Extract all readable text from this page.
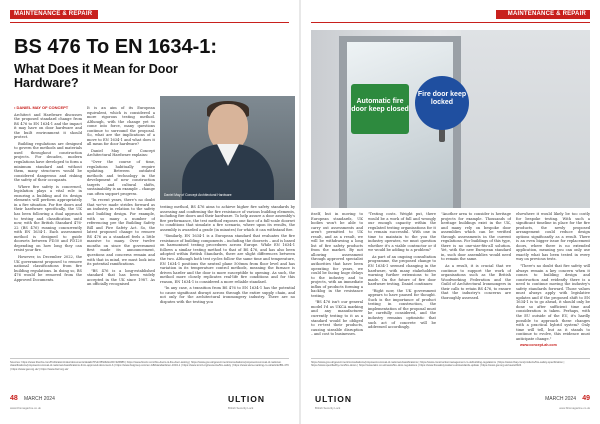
MAINTENANCE & REPAIR
BS 476 To EN 1634-1:
What Does it Mean for Door Hardware?
• DANIEL MAY OF CONCEPT

Architect and Hardware discusses the proposed standard change from BS 476 to EN 1634-1 and the impact it may have on door hardware and the built environment it should protect.

Building regulations are designed to govern the methods and materials used throughout construction projects. For decades, modern regulations have developed to form a minimum standard and without them, many structures would be considered dangerous and risking the safety of their occupants.

Where fire safety is concerned, legislation plays a vital role in ensuring a building and its design elements will perform appropriately in a fire situation. For fire doors and their hardware specifically, the UK has been following a dual approach to testing and classification until now, with the British Standard 476-22 (BS 476) running concurrently with EN 1634-1. Each assessment method is designed to guide doorsets between FD30 and FD120 depending on how long they can resist your fire.

However, in December 2022, the UK government proposed to remove national classifications from fire building regulations. In doing so, BS 476 would be removed from the Approved Documents.

It is an aim of its European equivalent, which is considered a more rigorous testing method. Although, with the change yet to come into force, many questions continue to surround the proposal. So, what are the implications of a move to EN 1634-1 and what does it all mean for door hardware?

Daniel May of Concept Architectural Hardware explains:

"Over the course of time, regulations habitually require updating. Between outdated methods and technology in the development of new construction targets and cultural shifts, sustainability is an example – change can often support progress.

"In recent years, there's no doubt that we've made strides forward as an industry in relation to the safety and building design. For example, with so many a number of referencing pre the Building Safety Bill and Fire Safety Act. So, the latest proposed change to remove BS 476 as a standard feels a little massive to many. Over twelve months on since the government first made its announcement, questions and concerns remain and with that in mind, we must look into its potential ramifications.

"BS 476 is a long-established standard that has been widely accepted in the UK since 1987. As an officially recognised

Daniel May of Concept Architectural Hardware

testing method, BS 476 aims to achieve higher fire safety standards by assessing and confirming the fire resistance of various building elements, including fire doors and their hardware. To help assure a door assembly's fire performance, the test method exposes one face of a full-scale doorset to conditions that simulate a fire scenario, where upon its results, the assembly is awarded a grade (in minutes) for which it can withstand fire.

"Similarly, EN 1634-1 is a European standard that evaluates the fire resistance of building components – including the doorsets – and is based on harmonised testing procedures across Europe. While EN 1634-1 follows a similar testing method to that of BS 476, and has also been adopted within British Standards, there are slight differences between the two. Although both test cycles follow the same time and temperature, EN 1634-1 positions the neutral plane 500mm from floor level and has variation in its temperature control methods, meaning the furnace is driven harder and the door is more susceptible to opening. As such, the method more closely replicates real-life fire conditions and for this reason, EN 1634-1 is considered a more reliable standard.

"In any case, a transition from BS 476 to EN 1634-1 has the potential to cause significant disrupt across through the entire supply chain, and not only for the architectural ironmongery industry. There are no disputes with the testing you

Sources: https://www.thenbs.com/PublicationIndex/documents/details?Pub=BSI&DocID=326886 | https://www.firectc.com/fire-doors-&-fire-door-testing | https://www.gov.uk/government/consultations/proposed-removal-of-national-classifications/proposed-removal-of-national-classifications-from-approved-document-b | https://www.bsigroup.com/en-GB/standards/en-1634-1 | https://www.iom3.org/resource/fire-safety | https://www.ukca-marking.co.uk/article/BS-476 | https://www.gai.org.uk/ | https://www.bwf.org.uk/
48 MARCH 2024
www.bhsmagazine.co.uk
ULTION
British Security Lock
MAINTENANCE & REPAIR
Automatic fire door keep closed
Fire door keep locked

itself, but in moving to European standards, UK bodies won't be able to carry out assessments and aren't permitted to UK result, and as a result, we will be withdrawing a long list of fire safety products from the market. By not allowing assessment through approved specialist authorities that have been operating for years, we could be facing huge delays to the industry and to projects, with an immediate influx of products forming a backlog in the resistance testing.

"BS 476 isn't our general model I'd as UKCA marking and any manufacturer currently testing to it as a standard would be obliged to re-test their products, causing sizeable disruption – and cost to businesses.

"Testing costs. Weight put, there would be a work of full and wrongly our enough capacity within the regulated testing organisations for it to remain successful. With one in time to maintain to the you the industry operates, we must question whether it's a viable contractor or if we would be adding to a problem?

As part of an ongoing consultation programme, the proposed change to EN 1634-1 seemed changing in the hardware, with many stakeholders warning further extensions to be made. On the future of fire door hardware testing, Daniel continues:

"Right now, the UK government appears to have paused for thought. Such is the importance of product testing in construction, the implementation of the proposal must be carefully considered, and the industry remains optimistic that such act of concrete will be addressed accordingly.

"Another area to consider is heritage projects for example. Thousands of heritage buildings exist in the UK, and many rely on bespoke door assemblies which can be verified through assessments in the current regulations. For buildings of this type, there is no one-size-fits-all solution. Yet, with the new European standard in, such door assemblies would need to remain the same.

As a result, it is crucial that we continue to support the work of organisations such as the British Woodworking Federation and the Guild of Architectural Ironmongers in their calls to retain BS 476, to ensure that the industry's concerns are thoroughly assessed.

elsewhere it would likely be too costly for bespoke testing. With such a significant timeline in place for the fire products, the newly proposed arrangement could reduce design options significantly as a result. There is an even bigger issue for replacement doors, where there is no extended application, meaning you can only use exactly what has been tested in every way on previous tests.

"There's no doubt that fire safety will always remain a key concern when it comes to building design and construction and evidently there is a need to continue moving the industry's safety standards forward. Those values must always apply with legislative updates and if the proposed shift to EN 1634-1 is to go ahead, it should only be done so after sufficient time and consideration is taken. Perhaps, with the EU outside of the EU, it's hardly possible to approach these changes with a practical hybrid system? Only time will tell, but as it stands to continue to evolve, this evidence must anticipate change."

www.concept-ah.com

https://www.gov.uk/government/consultations/proposed-removal-of-national-classifications | https://www.constructionmanagement.co.uk/building-regulations | https://www.ribaj.com/products/fire-safety-specification | https://www.specifiedby.com/fire-doors | https://www.labc.co.uk/news/fire-door-regulations | https://www.firesafetymatters.uk/standards-update | https://www.gai.org.uk/news/2024
ULTION
British Security Lock
MARCH 2024 49
www.bhsmagazine.co.uk
